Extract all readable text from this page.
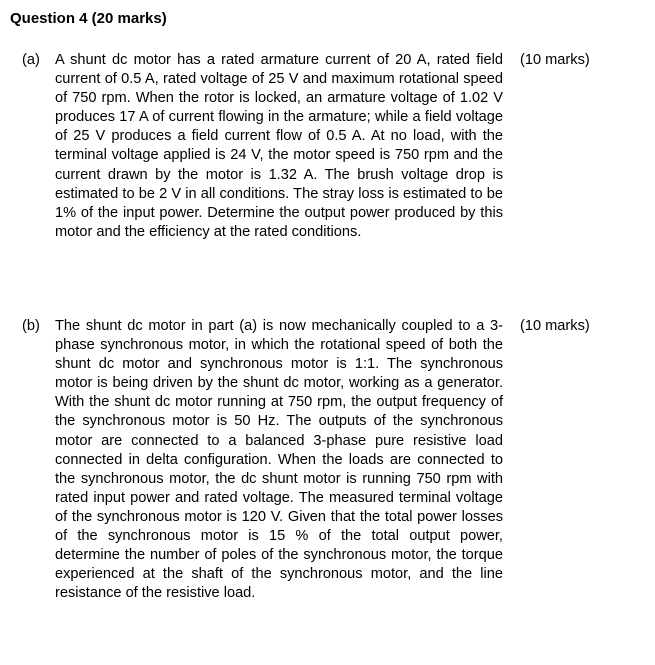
Question 4 (20 marks)
(a)	A shunt dc motor has a rated armature current of 20 A, rated field current of 0.5 A, rated voltage of 25 V and maximum rotational speed of 750 rpm. When the rotor is locked, an armature voltage of 1.02 V produces 17 A of current flowing in the armature; while a field voltage of 25 V produces a field current flow of 0.5 A. At no load, with the terminal voltage applied is 24 V, the motor speed is 750 rpm and the current drawn by the motor is 1.32 A. The brush voltage drop is estimated to be 2 V in all conditions. The stray loss is estimated to be 1% of the input power. Determine the output power produced by this motor and the efficiency at the rated conditions.
(10 marks)
(b)	The shunt dc motor in part (a) is now mechanically coupled to a 3-phase synchronous motor, in which the rotational speed of both the shunt dc motor and synchronous motor is 1:1. The synchronous motor is being driven by the shunt dc motor, working as a generator. With the shunt dc motor running at 750 rpm, the output frequency of the synchronous motor is 50 Hz. The outputs of the synchronous motor are connected to a balanced 3-phase pure resistive load connected in delta configuration. When the loads are connected to the synchronous motor, the dc shunt motor is running 750 rpm with rated input power and rated voltage. The measured terminal voltage of the synchronous motor is 120 V. Given that the total power losses of the synchronous motor is 15 % of the total output power, determine the number of poles of the synchronous motor, the torque experienced at the shaft of the synchronous motor, and the line resistance of the resistive load.
(10 marks)
